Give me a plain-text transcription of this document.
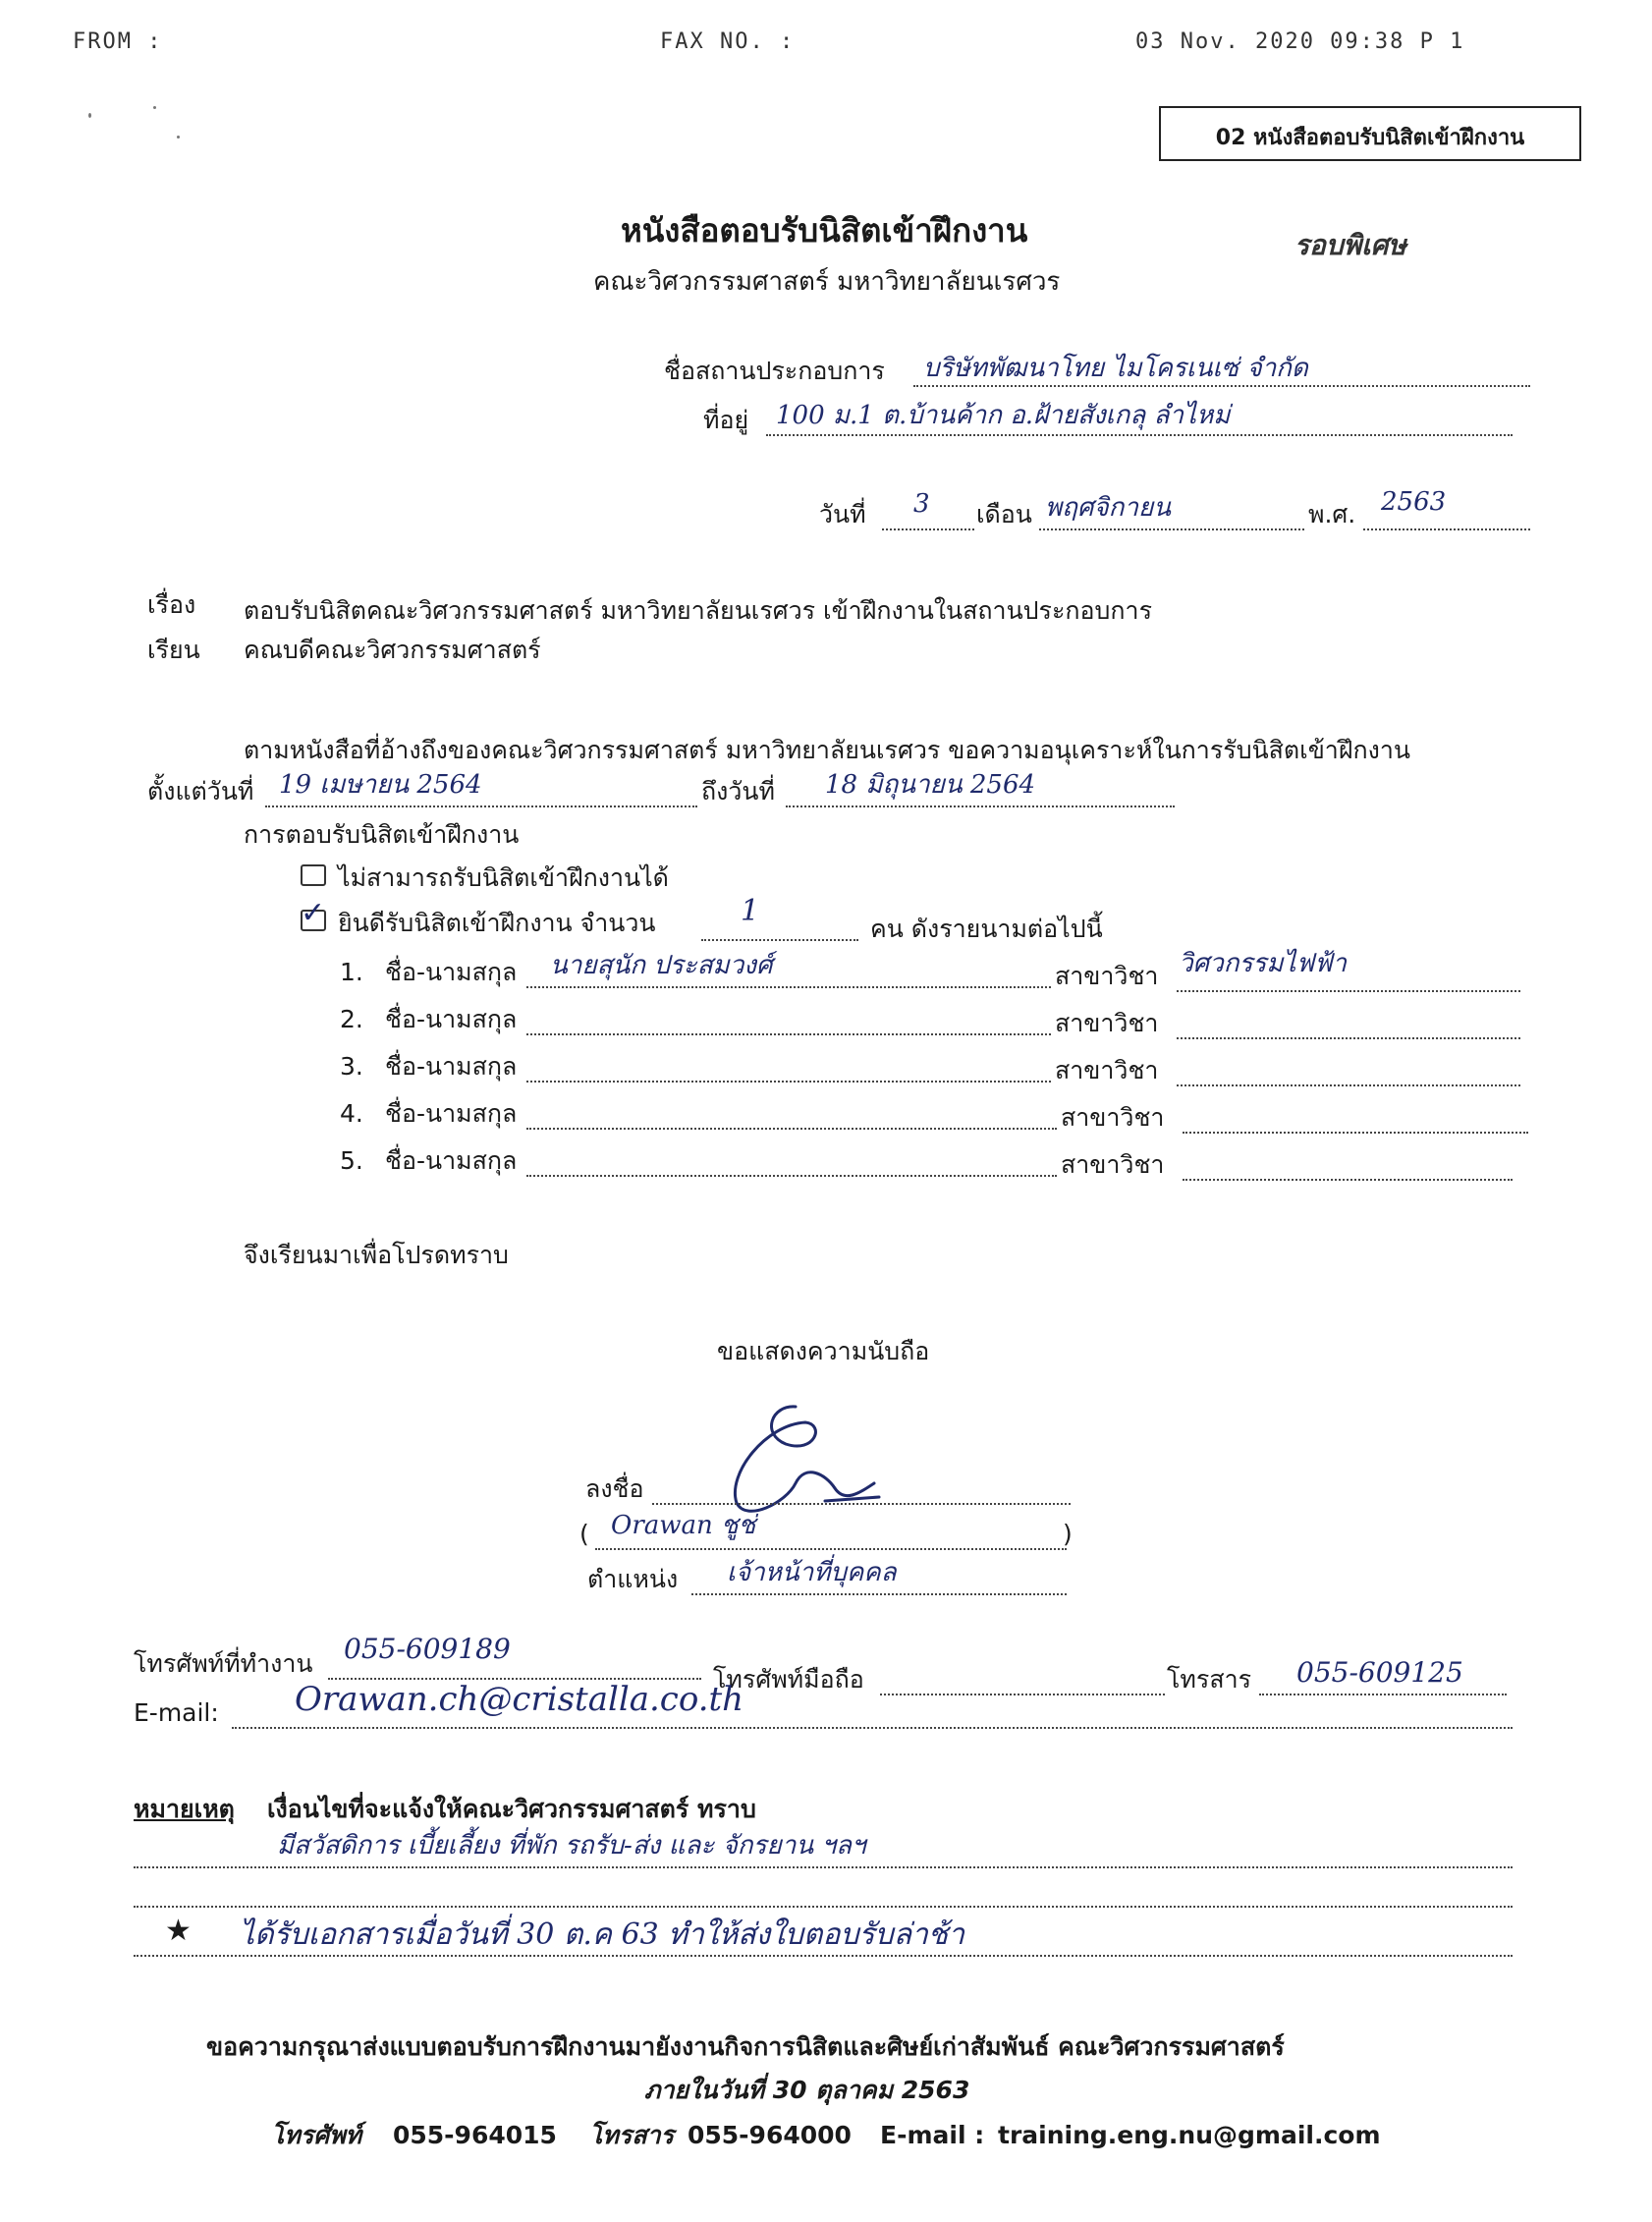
FROM :	FAX NO. :	03 Nov. 2020 09:38 P 1
02 หนังสือตอบรับนิสิตเข้าฝึกงาน
หนังสือตอบรับนิสิตเข้าฝึกงาน
คณะวิศวกรรมศาสตร์ มหาวิทยาลัยนเรศวร
รอบพิเศษ
ชื่อสถานประกอบการ บริษัทพัฒนาโทย ไมโครเนเซ่ จำกัด
ที่อยู่ 100 ม.1 ต.บ้านค้าก อ.ฝ้ายสังเกลุ ลำไหม่
วันที่ 3 เดือน พฤศจิกายน	พ.ศ. 2563
เรื่อง ตอบรับนิสิตคณะวิศวกรรมศาสตร์ มหาวิทยาลัยนเรศวร เข้าฝึกงานในสถานประกอบการ
เรียน คณบดีคณะวิศวกรรมศาสตร์
ตามหนังสือที่อ้างถึงของคณะวิศวกรรมศาสตร์ มหาวิทยาลัยนเรศวร ขอความอนุเคราะห์ในการรับนิสิตเข้าฝึกงาน
ตั้งแต่วันที่ 19 เมษายน 2564	ถึงวันที่ 18 มิถุนายน 2564
การตอบรับนิสิตเข้าฝึกงาน
ไม่สามารถรับนิสิตเข้าฝึกงานได้
✓ ยินดีรับนิสิตเข้าฝึกงาน จำนวน	1
คน ดังรายนามต่อไปนี้
1. ชื่อ-นามสกุล นายสุนัก ประสมวงศ์	สาขาวิชา วิศวกรรมไฟฟ้า
2. ชื่อ-นามสกุล	สาขาวิชา
3. ชื่อ-นามสกุล	สาขาวิชา
4. ชื่อ-นามสกุล	สาขาวิชา
5. ชื่อ-นามสกุล	สาขาวิชา
จึงเรียนมาเพื่อโปรดทราบ
ขอแสดงความนับถือ
ลงชื่อ
( Orawan ชูช่	)
ตำแหน่ง เจ้าหน้าที่บุคคล
โทรศัพท์ที่ทำงาน 055-609189
โทรศัพท์มือถือ	โทรสาร 055-609125
E-mail: Orawan.ch@cristalla.co.th
หมายเหตุ เงื่อนไขที่จะแจ้งให้คณะวิศวกรรมศาสตร์ ทราบ
มีสวัสดิการ เบี้ยเลี้ยง ที่พัก รถรับ-ส่ง และ จักรยาน ฯลฯ
★ ได้รับเอกสารเมื่อวันที่ 30 ต.ค 63 ทำให้ส่งใบตอบรับล่าช้า
ขอความกรุณาส่งแบบตอบรับการฝึกงานมายังงานกิจการนิสิตและศิษย์เก่าสัมพันธ์ คณะวิศวกรรมศาสตร์
ภายในวันที่ 30 ตุลาคม 2563
โทรศัพท์ 055-964015 โทรสาร 055-964000 E-mail : training.eng.nu@gmail.com
